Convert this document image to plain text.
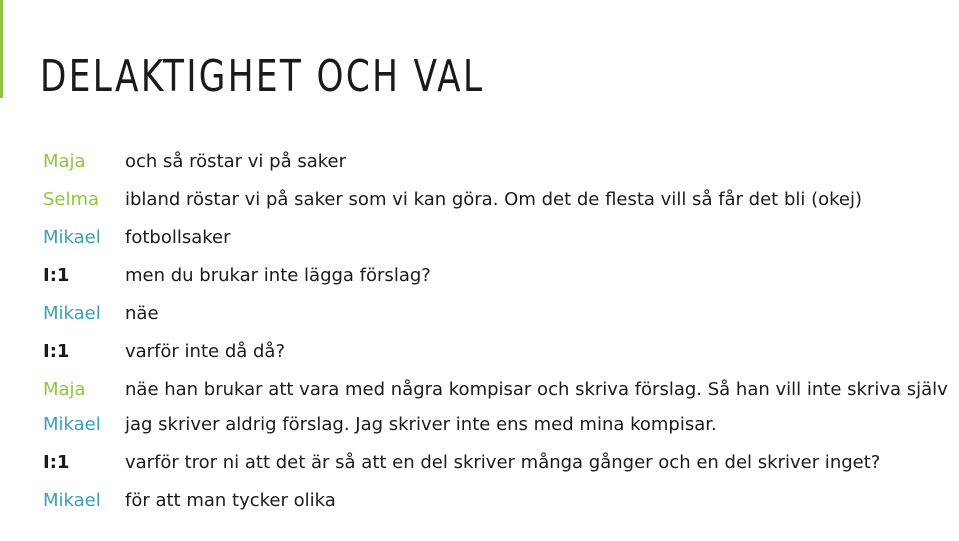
DELAKTIGHET OCH VAL
Maja	och så röstar vi på saker
Selma	ibland röstar vi på saker som vi kan göra. Om det de flesta vill så får det bli (okej)
Mikael	fotbollsaker
I:1	men du brukar inte lägga förslag?
Mikael	näe
I:1	varför inte då då?
Maja	näe han brukar att vara med några kompisar och skriva förslag. Så han vill inte skriva själv
Mikael	jag skriver aldrig förslag. Jag skriver inte ens med mina kompisar.
I:1	varför tror ni att det är så att en del skriver många gånger och en del skriver inget?
Mikael	för att man tycker olika
